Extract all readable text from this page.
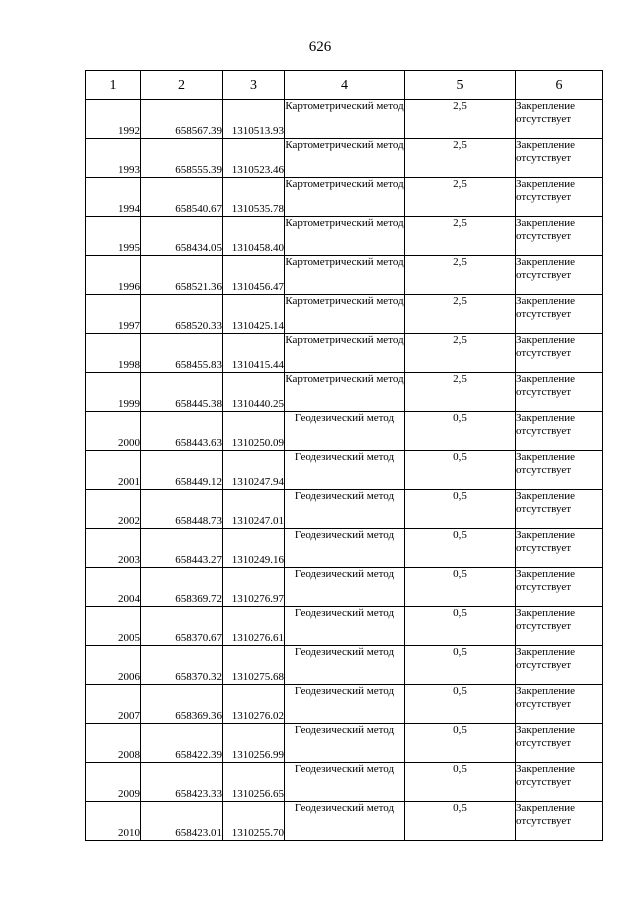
626
1	2	3	4	5	6
1992	658567.39	1310513.93	Картометрический метод	2,5	Закрепление отсутствует
1993	658555.39	1310523.46	Картометрический метод	2,5	Закрепление отсутствует
1994	658540.67	1310535.78	Картометрический метод	2,5	Закрепление отсутствует
1995	658434.05	1310458.40	Картометрический метод	2,5	Закрепление отсутствует
1996	658521.36	1310456.47	Картометрический метод	2,5	Закрепление отсутствует
1997	658520.33	1310425.14	Картометрический метод	2,5	Закрепление отсутствует
1998	658455.83	1310415.44	Картометрический метод	2,5	Закрепление отсутствует
1999	658445.38	1310440.25	Картометрический метод	2,5	Закрепление отсутствует
2000	658443.63	1310250.09	Геодезический метод	0,5	Закрепление отсутствует
2001	658449.12	1310247.94	Геодезический метод	0,5	Закрепление отсутствует
2002	658448.73	1310247.01	Геодезический метод	0,5	Закрепление отсутствует
2003	658443.27	1310249.16	Геодезический метод	0,5	Закрепление отсутствует
2004	658369.72	1310276.97	Геодезический метод	0,5	Закрепление отсутствует
2005	658370.67	1310276.61	Геодезический метод	0,5	Закрепление отсутствует
2006	658370.32	1310275.68	Геодезический метод	0,5	Закрепление отсутствует
2007	658369.36	1310276.02	Геодезический метод	0,5	Закрепление отсутствует
2008	658422.39	1310256.99	Геодезический метод	0,5	Закрепление отсутствует
2009	658423.33	1310256.65	Геодезический метод	0,5	Закрепление отсутствует
2010	658423.01	1310255.70	Геодезический метод	0,5	Закрепление отсутствует
